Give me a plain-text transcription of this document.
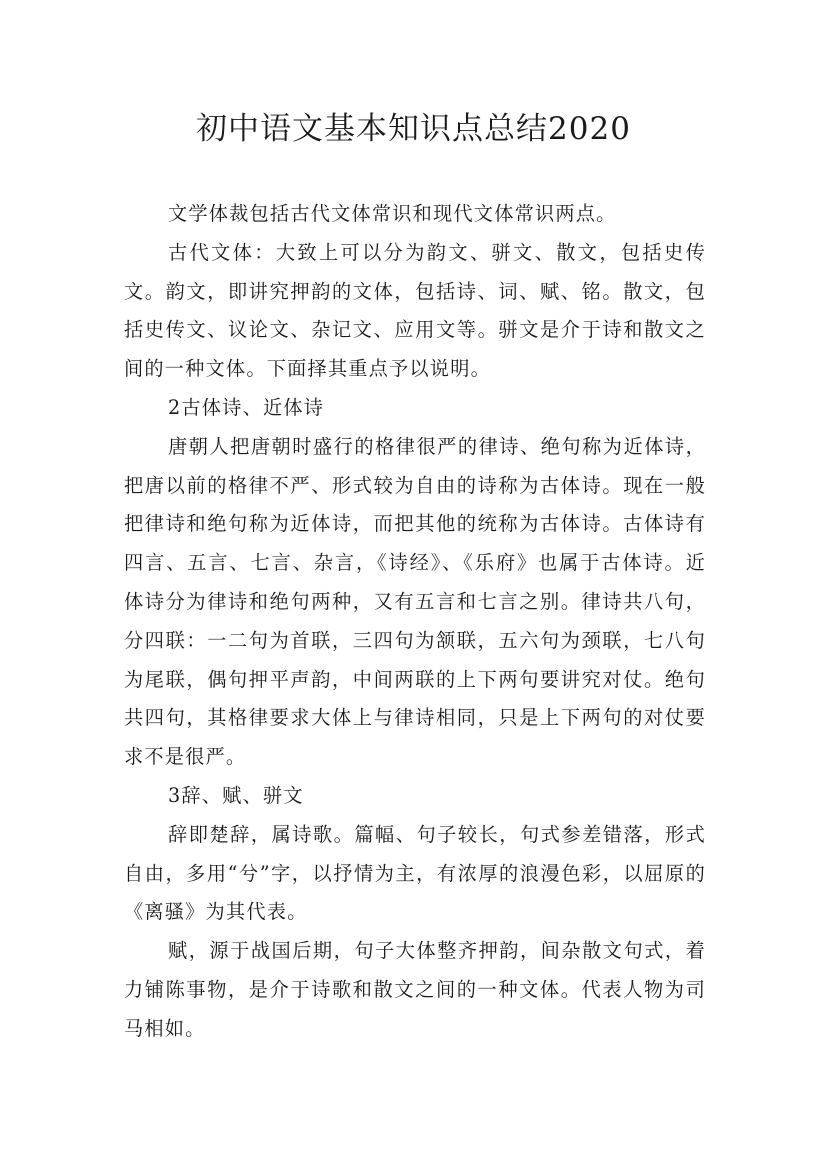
初中语文基本知识点总结2020

文学体裁包括古代文体常识和现代文体常识两点。

古代文体：大致上可以分为韵文、骈文、散文，包括史传文。韵文，即讲究押韵的文体，包括诗、词、赋、铭。散文，包括史传文、议论文、杂记文、应用文等。骈文是介于诗和散文之间的一种文体。下面择其重点予以说明。

2古体诗、近体诗

唐朝人把唐朝时盛行的格律很严的律诗、绝句称为近体诗，把唐以前的格律不严、形式较为自由的诗称为古体诗。现在一般把律诗和绝句称为近体诗，而把其他的统称为古体诗。古体诗有四言、五言、七言、杂言，《诗经》、《乐府》也属于古体诗。近体诗分为律诗和绝句两种，又有五言和七言之别。律诗共八句，分四联：一二句为首联，三四句为颔联，五六句为颈联，七八句为尾联，偶句押平声韵，中间两联的上下两句要讲究对仗。绝句共四句，其格律要求大体上与律诗相同，只是上下两句的对仗要求不是很严。

3辞、赋、骈文

辞即楚辞，属诗歌。篇幅、句子较长，句式参差错落，形式自由，多用“兮”字，以抒情为主，有浓厚的浪漫色彩，以屈原的《离骚》为其代表。

赋，源于战国后期，句子大体整齐押韵，间杂散文句式，着力铺陈事物，是介于诗歌和散文之间的一种文体。代表人物为司马相如。
